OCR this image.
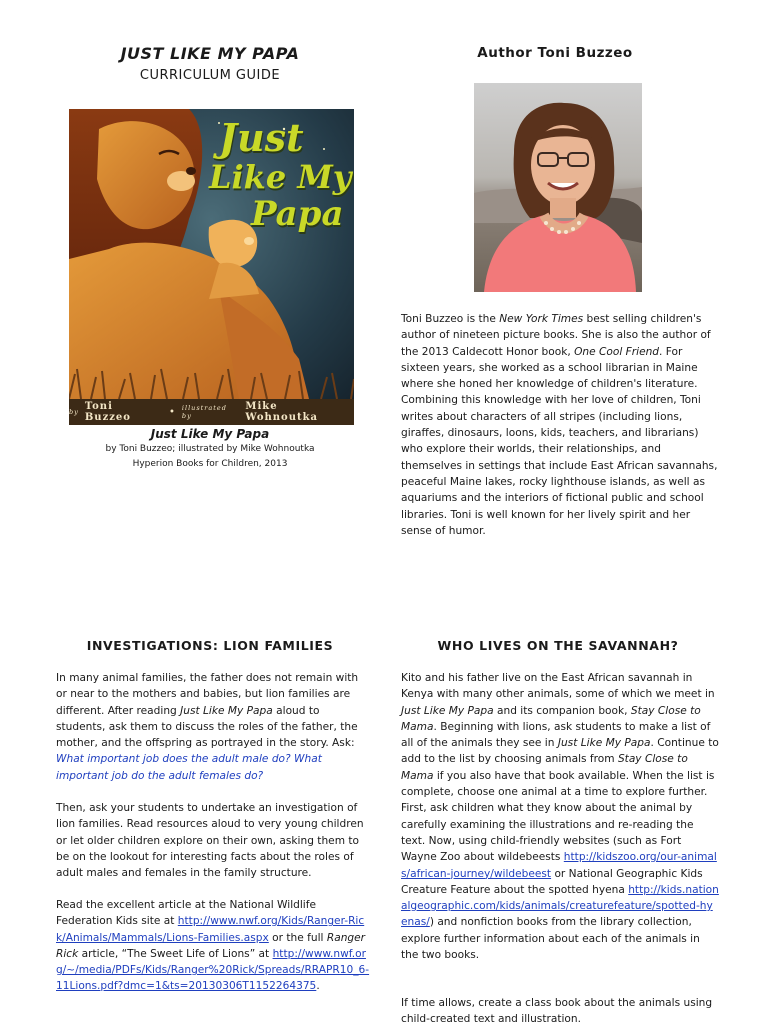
JUST LIKE MY PAPA
CURRICULUM GUIDE
Author Toni Buzzeo
Just
Like My
Papa
by Toni Buzzeo	• illustrated by
Mike Wohnoutka
Just Like My Papa
by Toni Buzzeo; illustrated by Mike Wohnoutka
Hyperion Books for Children, 2013
Toni Buzzeo is the New York Times best selling children's author of nineteen picture books. She is also the author of the 2013 Caldecott Honor book, One Cool Friend. For sixteen years, she worked as a school librarian in Maine where she honed her knowledge of children's literature. Combining this knowledge with her love of children, Toni writes about characters of all stripes (including lions, giraffes, dinosaurs, loons, kids, teachers, and librarians) who explore their worlds, their relationships, and themselves in settings that include East African savannahs, peaceful Maine lakes, rocky lighthouse islands, as well as aquariums and the interiors of fictional public and school libraries. Toni is well known for her lively spirit and her sense of humor.
INVESTIGATIONS: LION FAMILIES	WHO LIVES ON THE SAVANNAH?
In many animal families, the father does not remain with or near to the mothers and babies, but lion families are different. After reading Just Like My Papa aloud to students, ask them to discuss the roles of the father, the mother, and the offspring as portrayed in the story. Ask: What important job does the adult male do? What important job do the adult females do?
Then, ask your students to undertake an investigation of lion families. Read resources aloud to very young children or let older children explore on their own, asking them to be on the lookout for interesting facts about the roles of adult males and females in the family structure.
Read the excellent article at the National Wildlife Federation Kids site at http://www.nwf.org/Kids/Ranger-Rick/Animals/Mammals/Lions-Families.aspx or the full Ranger Rick article, “The Sweet Life of Lions” at http://www.nwf.org/~/media/PDFs/Kids/Ranger%20Rick/Spreads/RRAPR10_6-11Lions.pdf?dmc=1&ts=20130306T1152264375.
Kito and his father live on the East African savannah in Kenya with many other animals, some of which we meet in Just Like My Papa and its companion book, Stay Close to Mama. Beginning with lions, ask students to make a list of all of the animals they see in Just Like My Papa. Continue to add to the list by choosing animals from Stay Close to Mama if you also have that book available. When the list is complete, choose one animal at a time to explore further. First, ask children what they know about the animal by carefully examining the illustrations and re-reading the text. Now, using child-friendly websites (such as Fort Wayne Zoo about wildebeests http://kidszoo.org/our-animals/african-journey/wildebeest or National Geographic Kids Creature Feature about the spotted hyena http://kids.nationalgeographic.com/kids/animals/creaturefeature/spotted-hyenas/) and nonfiction books from the library collection, explore further information about each of the animals in the two books.
If time allows, create a class book about the animals using child-created text and illustration.
